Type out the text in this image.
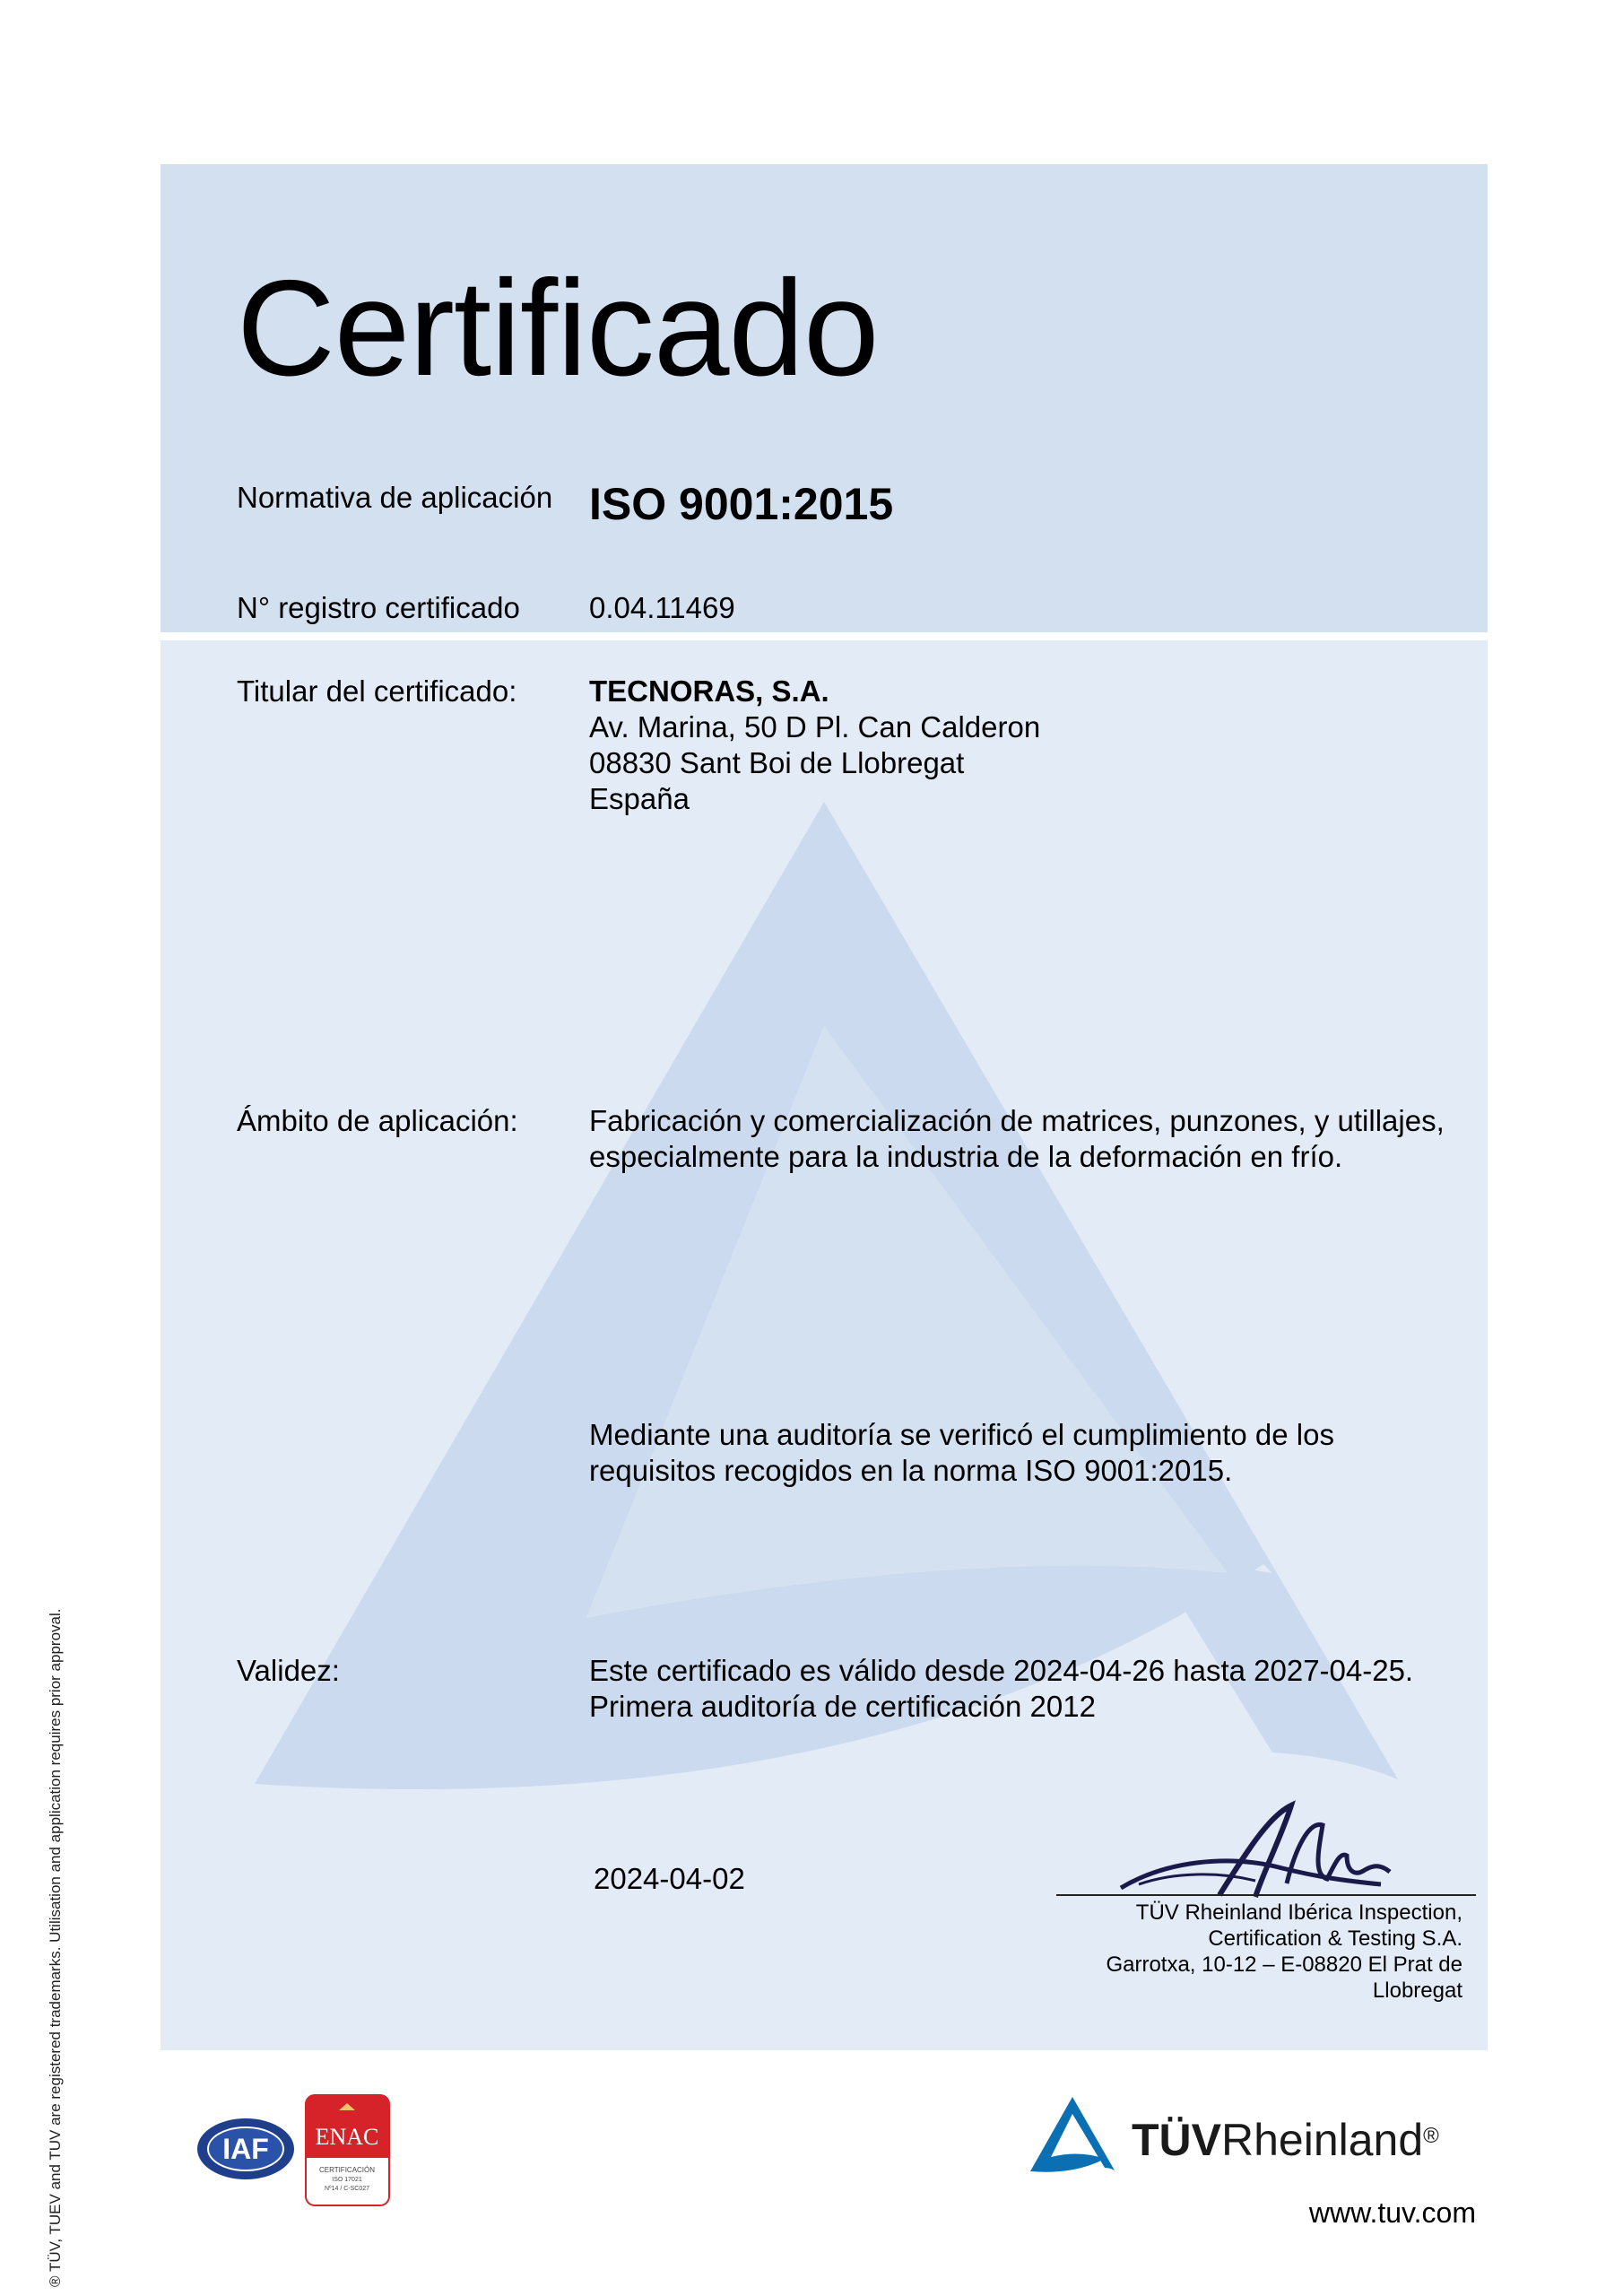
Certificado
Normativa de aplicación ISO 9001:2015
N° registro certificado 0.04.11469
Titular del certificado: TECNORAS, S.A.
Av. Marina, 50 D Pl. Can Calderon
08830 Sant Boi de Llobregat
España
Ámbito de aplicación: Fabricación y comercialización de matrices, punzones, y utillajes,
especialmente para la industria de la deformación en frío.
Mediante una auditoría se verificó el cumplimiento de los
requisitos recogidos en la norma ISO 9001:2015.
Validez:	Este certificado es válido desde 2024-04-26 hasta 2027-04-25.
Primera auditoría de certificación 2012
2024-04-02
TÜV Rheinland Ibérica Inspection,
Certification & Testing S.A.
Garrotxa, 10-12 – E-08820 El Prat de
Llobregat
® TÜV, TUEV and TUV are registered trademarks. Utilisation and application requires prior approval.	IAF ENAC
CERTIFICACIÓN
ISO 17021
Nº14 / C-SC027
TÜVRheinland®
www.tuv.com
